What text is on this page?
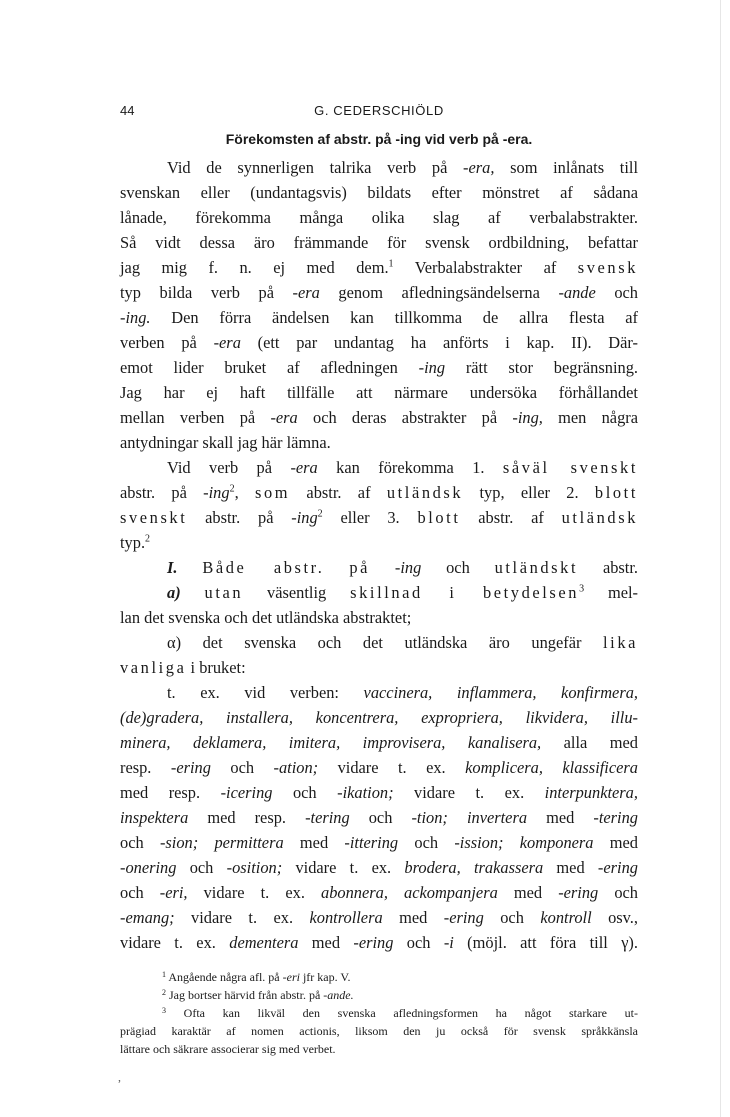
44	G. CEDERSCHIÖLD
Förekomsten af abstr. på -ing vid verb på -era.
Vid de synnerligen talrika verb på -era, som inlånats till
svenskan eller (undantagsvis) bildats efter mönstret af sådana
lånade, förekomma många olika slag af verbalabstrakter.
Så vidt dessa äro främmande för svensk ordbildning, befattar
jag mig f. n. ej med dem.$^1$ Verbalabstrakter af svensk
typ bilda verb på -era genom afledningsändelserna -ande och
-ing. Den förra ändelsen kan tillkomma de allra flesta af
verben på -era (ett par undantag ha anförts i kap. II). Där-
emot lider bruket af afledningen -ing rätt stor begränsning.
Jag har ej haft tillfälle att närmare undersöka förhållandet
mellan verben på -era och deras abstrakter på -ing, men några
antydningar skall jag här lämna.
Vid verb på -era kan förekomma 1. såväl svenskt
abstr. på -ing$^2$, som abstr. af utländsk typ, eller 2. blott
svenskt abstr. på -ing$^2$ eller 3. blott abstr. af utländsk
typ.$^2$
I. Både abstr. på -ing och utländskt abstr.
a) utan väsentlig skillnad i betydelsen$^3$ mel-
lan det svenska och det utländska abstraktet;
α) det svenska och det utländska äro ungefär lika
vanliga i bruket:
t. ex. vid verben: vaccinera, inflammera, konfirmera,
(de)gradera, installera, koncentrera, expropriera, likvidera, illu-
minera, deklamera, imitera, improvisera, kanalisera, alla med
resp. -ering och -ation; vidare t. ex. komplicera, klassificera
med resp. -icering och -ikation; vidare t. ex. interpunktera,
inspektera med resp. -tering och -tion; invertera med -tering
och -sion; permittera med -ittering och -ission; komponera med
-onering och -osition; vidare t. ex. brodera, trakassera med -ering
och -eri, vidare t. ex. abonnera, ackompanjera med -ering och
-emang; vidare t. ex. kontrollera med -ering och kontroll osv.,
vidare t. ex. dementera med -ering och -i (möjl. att föra till γ).
$^1$ Angående några afl. på -eri jfr kap. V.
$^2$ Jag bortser härvid från abstr. på -ande.
$^3$ Ofta kan likväl den svenska afledningsformen ha något starkare ut-
prägiad karaktär af nomen actionis, liksom den ju också för svensk språkkänsla
lättare och säkrare associerar sig med verbet.
,
